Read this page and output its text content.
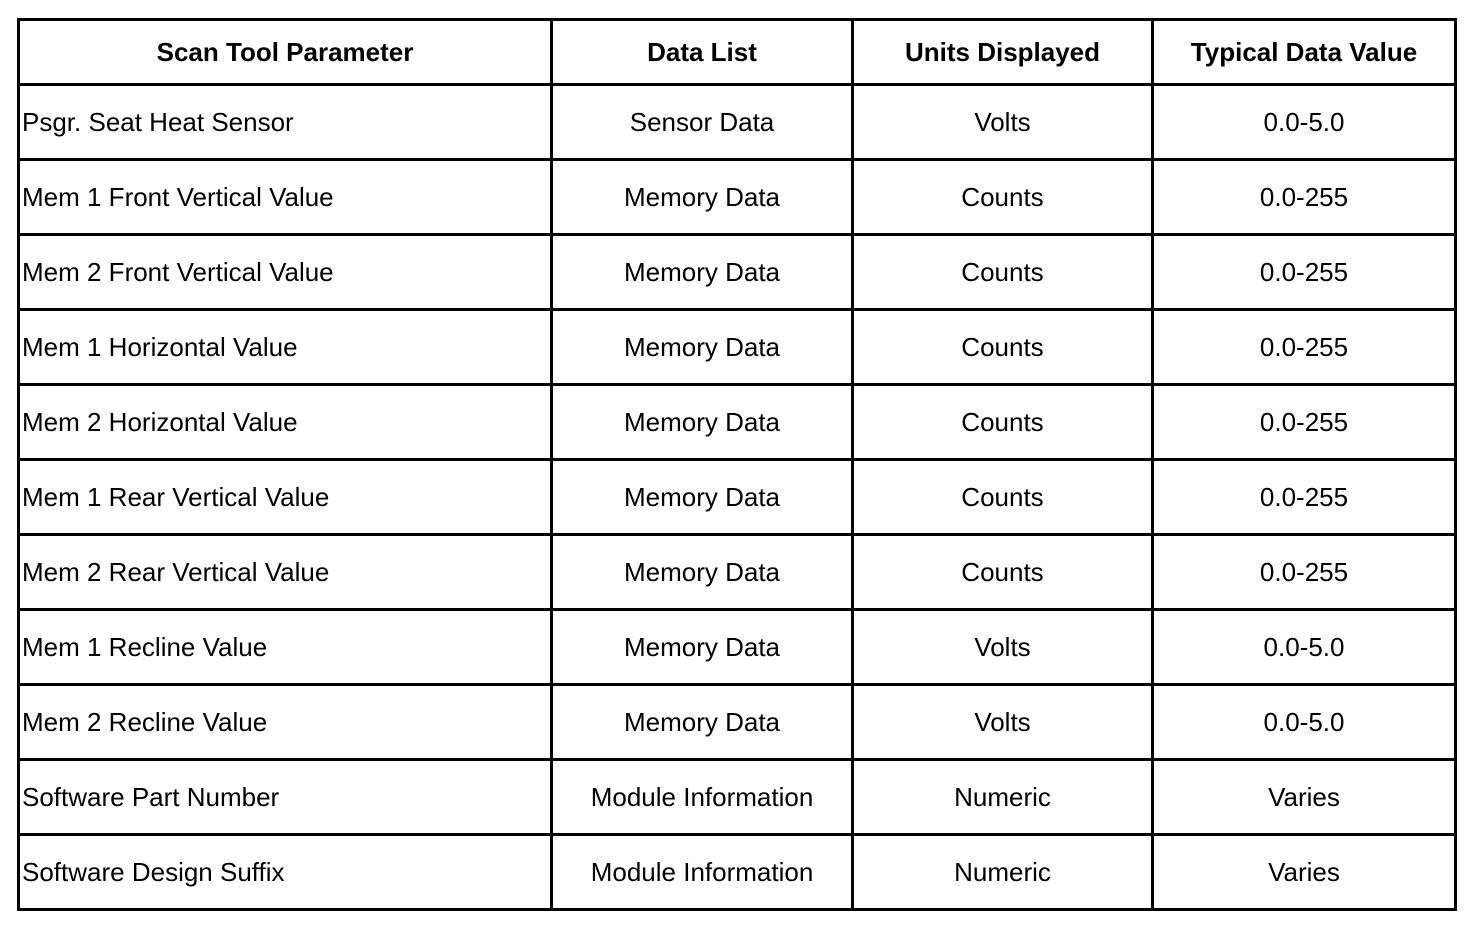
Scan Tool Parameter	Data List	Units Displayed	Typical Data Value
Psgr. Seat Heat Sensor	Sensor Data	Volts	0.0-5.0
Mem 1 Front Vertical Value	Memory Data	Counts	0.0-255
Mem 2 Front Vertical Value	Memory Data	Counts	0.0-255
Mem 1 Horizontal Value	Memory Data	Counts	0.0-255
Mem 2 Horizontal Value	Memory Data	Counts	0.0-255
Mem 1 Rear Vertical Value	Memory Data	Counts	0.0-255
Mem 2 Rear Vertical Value	Memory Data	Counts	0.0-255
Mem 1 Recline Value	Memory Data	Volts	0.0-5.0
Mem 2 Recline Value	Memory Data	Volts	0.0-5.0
Software Part Number	Module Information	Numeric	Varies
Software Design Suffix	Module Information	Numeric	Varies
